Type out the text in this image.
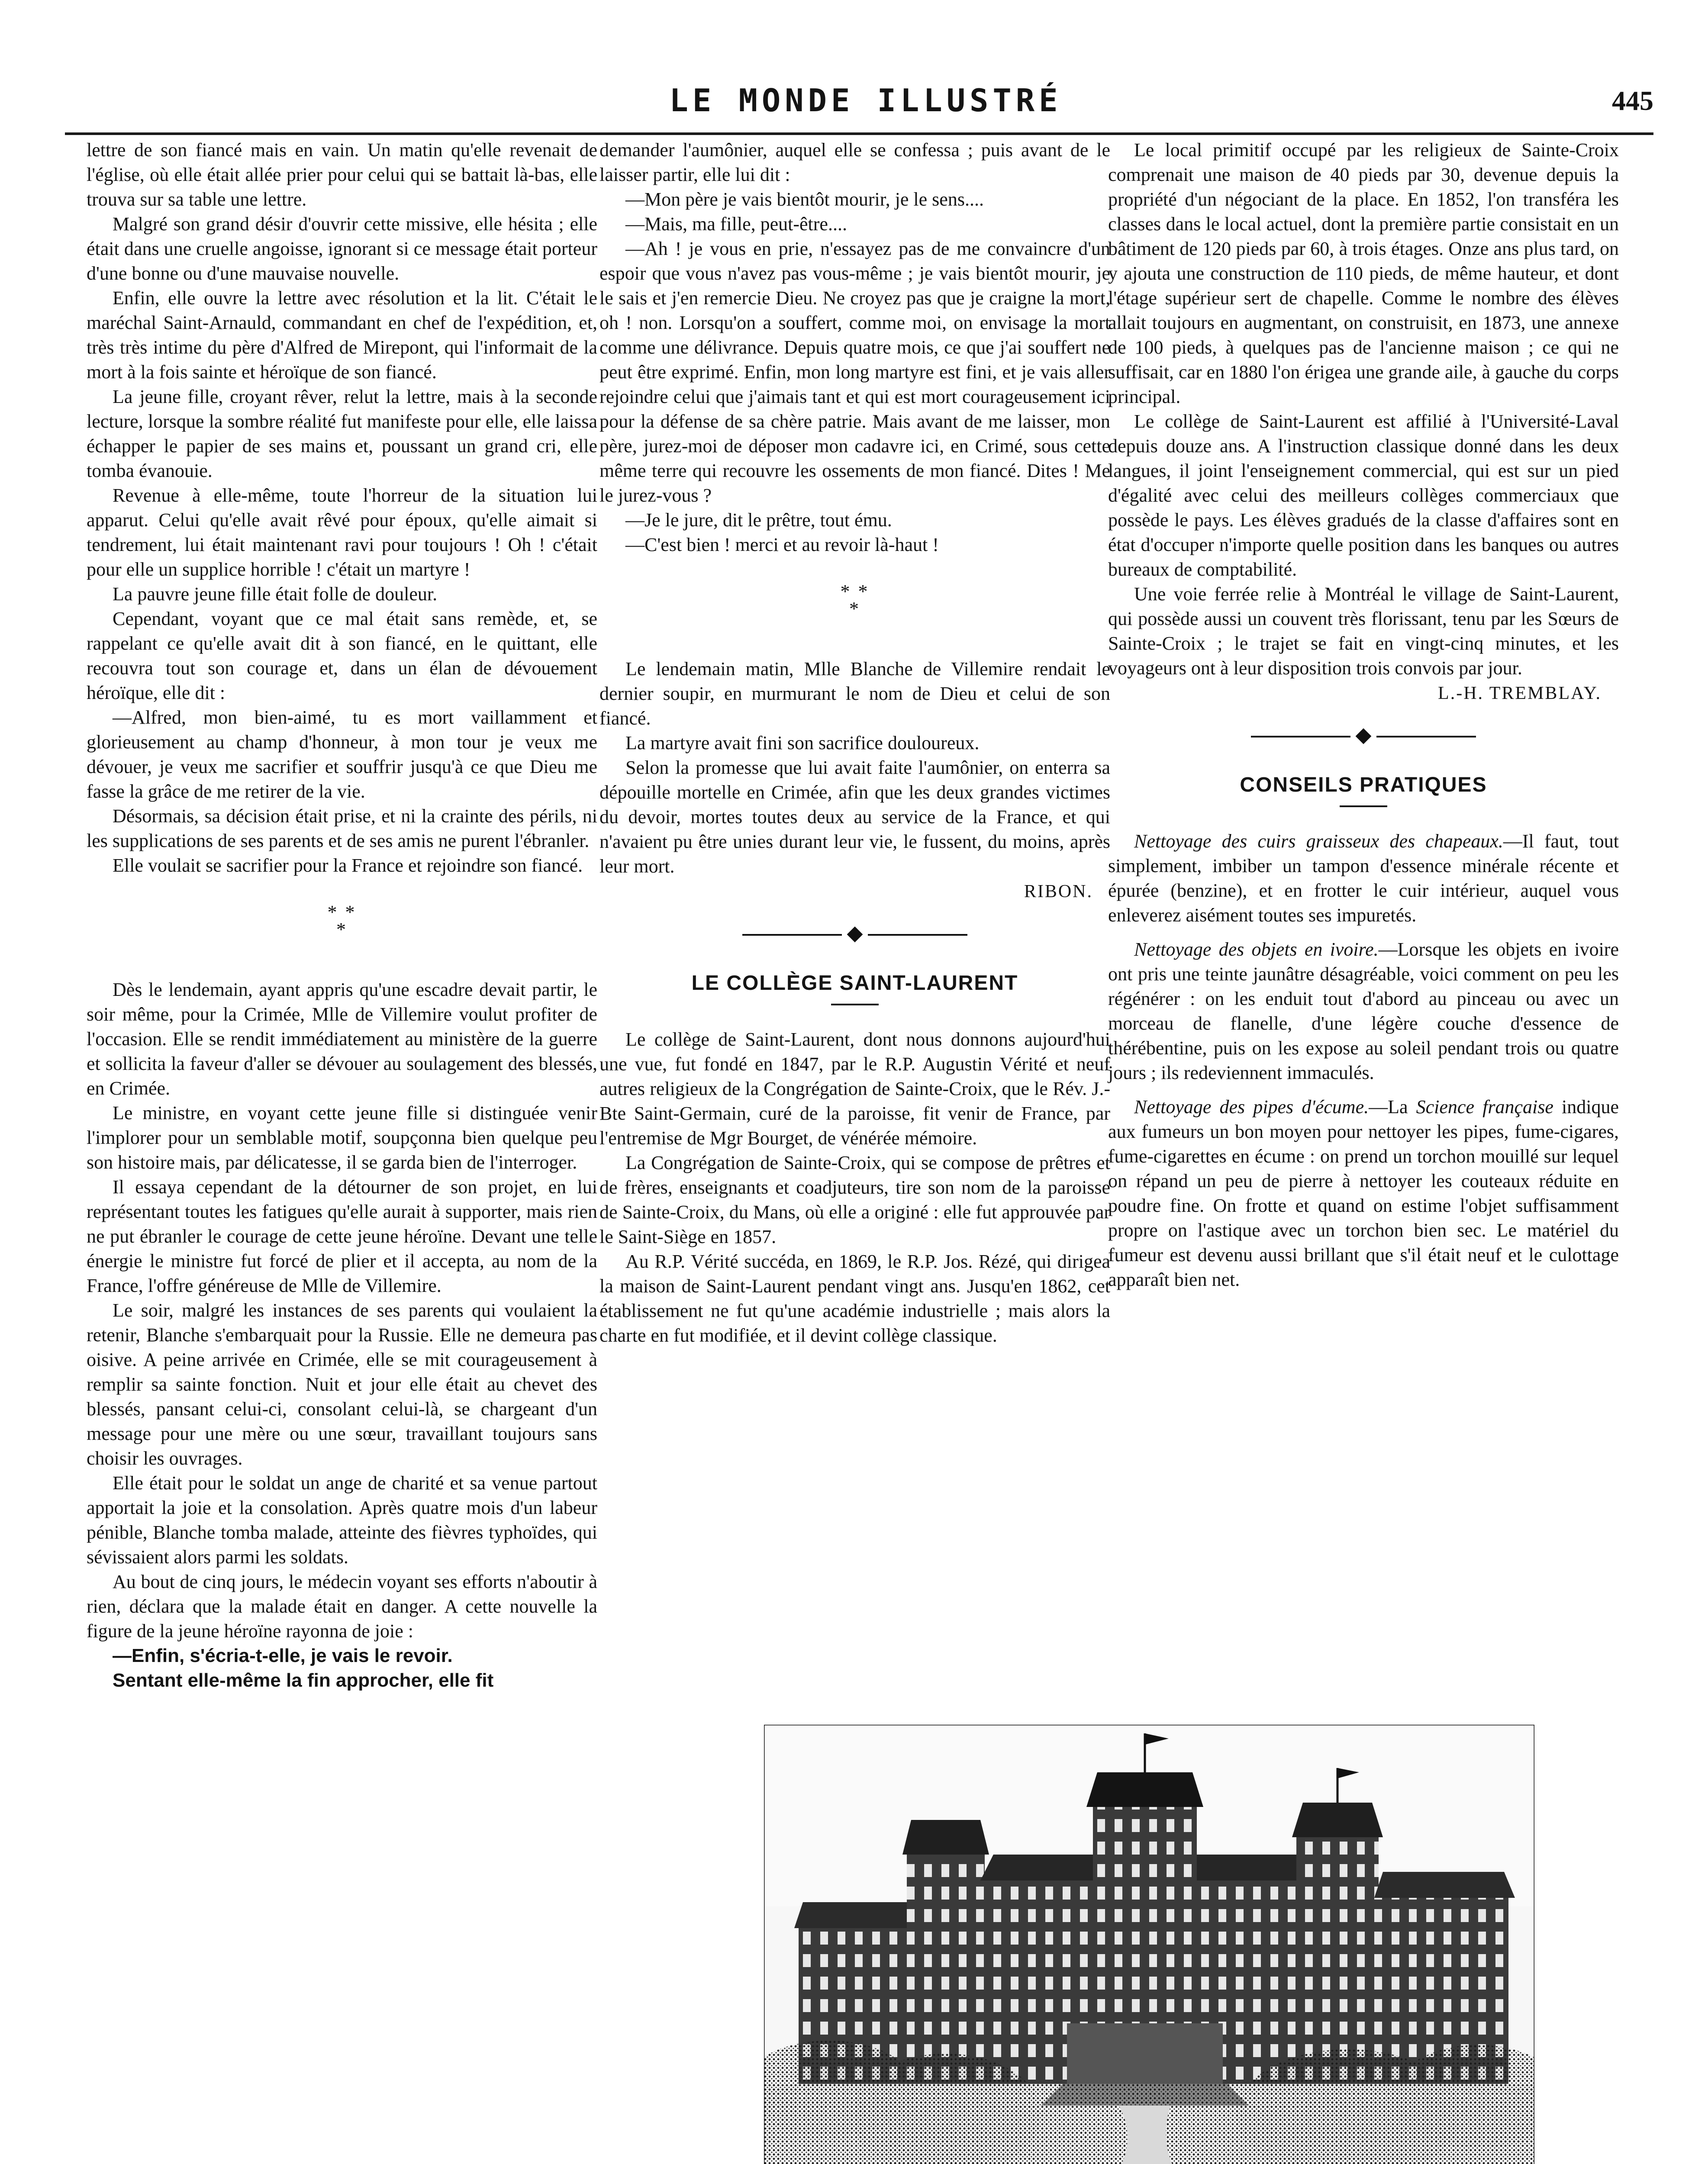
LE MONDE ILLUSTRÉ	445

lettre de son fiancé mais en vain. Un matin qu'elle revenait de l'église, où elle était allée prier pour celui qui se battait là-bas, elle trouva sur sa table une lettre.

Malgré son grand désir d'ouvrir cette missive, elle hésita ; elle était dans une cruelle angoisse, ignorant si ce message était porteur d'une bonne ou d'une mauvaise nouvelle.

Enfin, elle ouvre la lettre avec résolution et la lit. C'était le maréchal Saint-Arnauld, commandant en chef de l'expédition, et, très très intime du père d'Alfred de Mirepont, qui l'informait de la mort à la fois sainte et héroïque de son fiancé.

La jeune fille, croyant rêver, relut la lettre, mais à la seconde lecture, lorsque la sombre réalité fut manifeste pour elle, elle laissa échapper le papier de ses mains et, poussant un grand cri, elle tomba évanouie.

Revenue à elle-même, toute l'horreur de la situation lui apparut. Celui qu'elle avait rêvé pour époux, qu'elle aimait si tendrement, lui était maintenant ravi pour toujours ! Oh ! c'était pour elle un supplice horrible ! c'était un martyre !

La pauvre jeune fille était folle de douleur.

Cependant, voyant que ce mal était sans remède, et, se rappelant ce qu'elle avait dit à son fiancé, en le quittant, elle recouvra tout son courage et, dans un élan de dévouement héroïque, elle dit :

—Alfred, mon bien-aimé, tu es mort vaillamment et glorieusement au champ d'honneur, à mon tour je veux me dévouer, je veux me sacrifier et souffrir jusqu'à ce que Dieu me fasse la grâce de me retirer de la vie.

Désormais, sa décision était prise, et ni la crainte des périls, ni les supplications de ses parents et de ses amis ne purent l'ébranler.

Elle voulait se sacrifier pour la France et rejoindre son fiancé.

* *
*

Dès le lendemain, ayant appris qu'une escadre devait partir, le soir même, pour la Crimée, Mlle de Villemire voulut profiter de l'occasion. Elle se rendit immédiatement au ministère de la guerre et sollicita la faveur d'aller se dévouer au soulagement des blessés, en Crimée.

Le ministre, en voyant cette jeune fille si distinguée venir l'implorer pour un semblable motif, soupçonna bien quelque peu son histoire mais, par délicatesse, il se garda bien de l'interroger.

Il essaya cependant de la détourner de son projet, en lui représentant toutes les fatigues qu'elle aurait à supporter, mais rien ne put ébranler le courage de cette jeune héroïne. Devant une telle énergie le ministre fut forcé de plier et il accepta, au nom de la France, l'offre généreuse de Mlle de Villemire.

Le soir, malgré les instances de ses parents qui voulaient la retenir, Blanche s'embarquait pour la Russie. Elle ne demeura pas oisive. A peine arrivée en Crimée, elle se mit courageusement à remplir sa sainte fonction. Nuit et jour elle était au chevet des blessés, pansant celui-ci, consolant celui-là, se chargeant d'un message pour une mère ou une sœur, travaillant toujours sans choisir les ouvrages.

Elle était pour le soldat un ange de charité et sa venue partout apportait la joie et la consolation. Après quatre mois d'un labeur pénible, Blanche tomba malade, atteinte des fièvres typhoïdes, qui sévissaient alors parmi les soldats.

Au bout de cinq jours, le médecin voyant ses efforts n'aboutir à rien, déclara que la malade était en danger. A cette nouvelle la figure de la jeune héroïne rayonna de joie :

—Enfin, s'écria-t-elle, je vais le revoir.

Sentant elle-même la fin approcher, elle fit

demander l'aumônier, auquel elle se confessa ; puis avant de le laisser partir, elle lui dit :

—Mon père je vais bientôt mourir, je le sens....

—Mais, ma fille, peut-être....

—Ah ! je vous en prie, n'essayez pas de me convaincre d'un espoir que vous n'avez pas vous-même ; je vais bientôt mourir, je le sais et j'en remercie Dieu. Ne croyez pas que je craigne la mort, oh ! non. Lorsqu'on a souffert, comme moi, on envisage la mort comme une délivrance. Depuis quatre mois, ce que j'ai souffert ne peut être exprimé. Enfin, mon long martyre est fini, et je vais aller rejoindre celui que j'aimais tant et qui est mort courageusement ici pour la défense de sa chère patrie. Mais avant de me laisser, mon père, jurez-moi de déposer mon cadavre ici, en Crimé, sous cette même terre qui recouvre les ossements de mon fiancé. Dites ! Me le jurez-vous ?

—Je le jure, dit le prêtre, tout ému.

—C'est bien ! merci et au revoir là-haut !

* *
*

Le lendemain matin, Mlle Blanche de Villemire rendait le dernier soupir, en murmurant le nom de Dieu et celui de son fiancé.

La martyre avait fini son sacrifice douloureux.

Selon la promesse que lui avait faite l'aumônier, on enterra sa dépouille mortelle en Crimée, afin que les deux grandes victimes du devoir, mortes toutes deux au service de la France, et qui n'avaient pu être unies durant leur vie, le fussent, du moins, après leur mort.

RIBON.
LE COLLÈGE SAINT-LAURENT

Le collège de Saint-Laurent, dont nous donnons aujourd'hui une vue, fut fondé en 1847, par le R.P. Augustin Vérité et neuf autres religieux de la Congrégation de Sainte-Croix, que le Rév. J.-Bte Saint-Germain, curé de la paroisse, fit venir de France, par l'entremise de Mgr Bourget, de vénérée mémoire.

La Congrégation de Sainte-Croix, qui se compose de prêtres et de frères, enseignants et coadjuteurs, tire son nom de la paroisse de Sainte-Croix, du Mans, où elle a originé : elle fut approuvée par le Saint-Siège en 1857.

Au R.P. Vérité succéda, en 1869, le R.P. Jos. Rézé, qui dirigea la maison de Saint-Laurent pendant vingt ans. Jusqu'en 1862, cet établissement ne fut qu'une académie industrielle ; mais alors la charte en fut modifiée, et il devint collège classique.

Le local primitif occupé par les religieux de Sainte-Croix comprenait une maison de 40 pieds par 30, devenue depuis la propriété d'un négociant de la place. En 1852, l'on transféra les classes dans le local actuel, dont la première partie consistait en un bâtiment de 120 pieds par 60, à trois étages. Onze ans plus tard, on y ajouta une construction de 110 pieds, de même hauteur, et dont l'étage supérieur sert de chapelle. Comme le nombre des élèves allait toujours en augmentant, on construisit, en 1873, une annexe de 100 pieds, à quelques pas de l'ancienne maison ; ce qui ne suffisait, car en 1880 l'on érigea une grande aile, à gauche du corps principal.

Le collège de Saint-Laurent est affilié à l'Université-Laval depuis douze ans. A l'instruction classique donné dans les deux langues, il joint l'enseignement commercial, qui est sur un pied d'égalité avec celui des meilleurs collèges commerciaux que possède le pays. Les élèves gradués de la classe d'affaires sont en état d'occuper n'importe quelle position dans les banques ou autres bureaux de comptabilité.

Une voie ferrée relie à Montréal le village de Saint-Laurent, qui possède aussi un couvent très florissant, tenu par les Sœurs de Sainte-Croix ; le trajet se fait en vingt-cinq minutes, et les voyageurs ont à leur disposition trois convois par jour.

L.-H. TREMBLAY.
CONSEILS PRATIQUES

Nettoyage des cuirs graisseux des chapeaux.—Il faut, tout simplement, imbiber un tampon d'essence minérale récente et épurée (benzine), et en frotter le cuir intérieur, auquel vous enleverez aisément toutes ses impuretés.

Nettoyage des objets en ivoire.—Lorsque les objets en ivoire ont pris une teinte jaunâtre désagréable, voici comment on peu les régénérer : on les enduit tout d'abord au pinceau ou avec un morceau de flanelle, d'une légère couche d'essence de thérébentine, puis on les expose au soleil pendant trois ou quatre jours ; ils redeviennent immaculés.

Nettoyage des pipes d'écume.—La Science française indique aux fumeurs un bon moyen pour nettoyer les pipes, fume-cigares, fume-cigarettes en écume : on prend un torchon mouillé sur lequel on répand un peu de pierre à nettoyer les couteaux réduite en poudre fine. On frotte et quand on estime l'objet suffisamment propre on l'astique avec un torchon bien sec. Le matériel du fumeur est devenu aussi brillant que s'il était neuf et le culottage apparaît bien net.
